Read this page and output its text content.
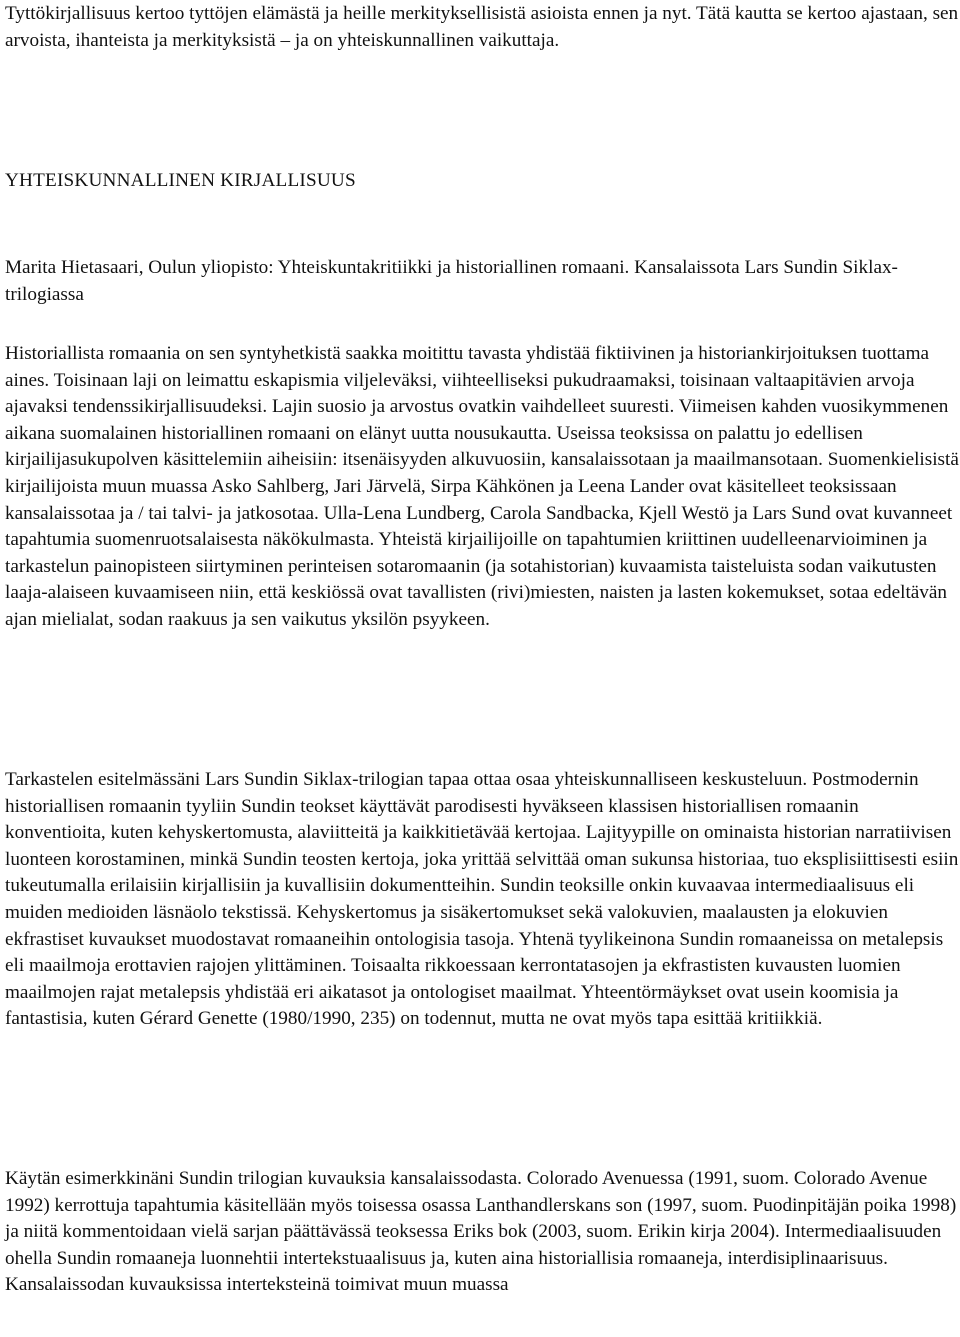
Tyttökirjallisuus kertoo tyttöjen elämästä ja heille merkityksellisistä asioista ennen ja nyt. Tätä kautta se kertoo ajastaan, sen arvoista, ihanteista ja merkityksistä – ja on yhteiskunnallinen vaikuttaja.

YHTEISKUNNALLINEN KIRJALLISUUS

Marita Hietasaari, Oulun yliopisto: Yhteiskuntakritiikki ja historiallinen romaani. Kansalaissota Lars Sundin Siklax-trilogiassa

Historiallista romaania on sen syntyhetkistä saakka moitittu tavasta yhdistää fiktiivinen ja historiankirjoituksen tuottama aines. Toisinaan laji on leimattu eskapismia viljeleväksi, viihteelliseksi pukudraamaksi, toisinaan valtaapitävien arvoja ajavaksi tendenssikirjallisuudeksi. Lajin suosio ja arvostus ovatkin vaihdelleet suuresti. Viimeisen kahden vuosikymmenen aikana suomalainen historiallinen romaani on elänyt uutta nousukautta. Useissa teoksissa on palattu jo edellisen kirjailijasukupolven käsittelemiin aiheisiin: itsenäisyyden alkuvuosiin, kansalaissotaan ja maailmansotaan. Suomenkielisistä kirjailijoista muun muassa Asko Sahlberg, Jari Järvelä, Sirpa Kähkönen ja Leena Lander ovat käsitelleet teoksissaan kansalaissotaa ja / tai talvi- ja jatkosotaa. Ulla-Lena Lundberg, Carola Sandbacka, Kjell Westö ja Lars Sund ovat kuvanneet tapahtumia suomenruotsalaisesta näkökulmasta. Yhteistä kirjailijoille on tapahtumien kriittinen uudelleenarvioiminen ja tarkastelun painopisteen siirtyminen perinteisen sotaromaanin (ja sotahistorian) kuvaamista taisteluista sodan vaikutusten laaja-alaiseen kuvaamiseen niin, että keskiössä ovat tavallisten (rivi)miesten, naisten ja lasten kokemukset, sotaa edeltävän ajan mielialat, sodan raakuus ja sen vaikutus yksilön psyykeen.

Tarkastelen esitelmässäni Lars Sundin Siklax-trilogian tapaa ottaa osaa yhteiskunnalliseen keskusteluun. Postmodernin historiallisen romaanin tyyliin Sundin teokset käyttävät parodisesti hyväkseen klassisen historiallisen romaanin konventioita, kuten kehyskertomusta, alaviitteitä ja kaikkitietävää kertojaa. Lajityypille on ominaista historian narratiivisen luonteen korostaminen, minkä Sundin teosten kertoja, joka yrittää selvittää oman sukunsa historiaa, tuo eksplisiittisesti esiin tukeutumalla erilaisiin kirjallisiin ja kuvallisiin dokumentteihin. Sundin teoksille onkin kuvaavaa intermediaalisuus eli muiden medioiden läsnäolo tekstissä. Kehyskertomus ja sisäkertomukset sekä valokuvien, maalausten ja elokuvien ekfrastiset kuvaukset muodostavat romaaneihin ontologisia tasoja. Yhtenä tyylikeinona Sundin romaaneissa on metalepsis eli maailmoja erottavien rajojen ylittäminen. Toisaalta rikkoessaan kerrontatasojen ja ekfrastisten kuvausten luomien maailmojen rajat metalepsis yhdistää eri aikatasot ja ontologiset maailmat. Yhteentörmäykset ovat usein koomisia ja fantastisia, kuten Gérard Genette (1980/1990, 235) on todennut, mutta ne ovat myös tapa esittää kritiikkiä.

Käytän esimerkkinäni Sundin trilogian kuvauksia kansalaissodasta. Colorado Avenuessa (1991, suom. Colorado Avenue 1992) kerrottuja tapahtumia käsitellään myös toisessa osassa Lanthandlerskans son (1997, suom. Puodinpitäjän poika 1998) ja niitä kommentoidaan vielä sarjan päättävässä teoksessa Eriks bok (2003, suom. Erikin kirja 2004). Intermediaalisuuden ohella Sundin romaaneja luonnehtii intertekstuaalisuus ja, kuten aina historiallisia romaaneja, interdisiplinaarisuus. Kansalaissodan kuvauksissa interteksteinä toimivat muun muassa
